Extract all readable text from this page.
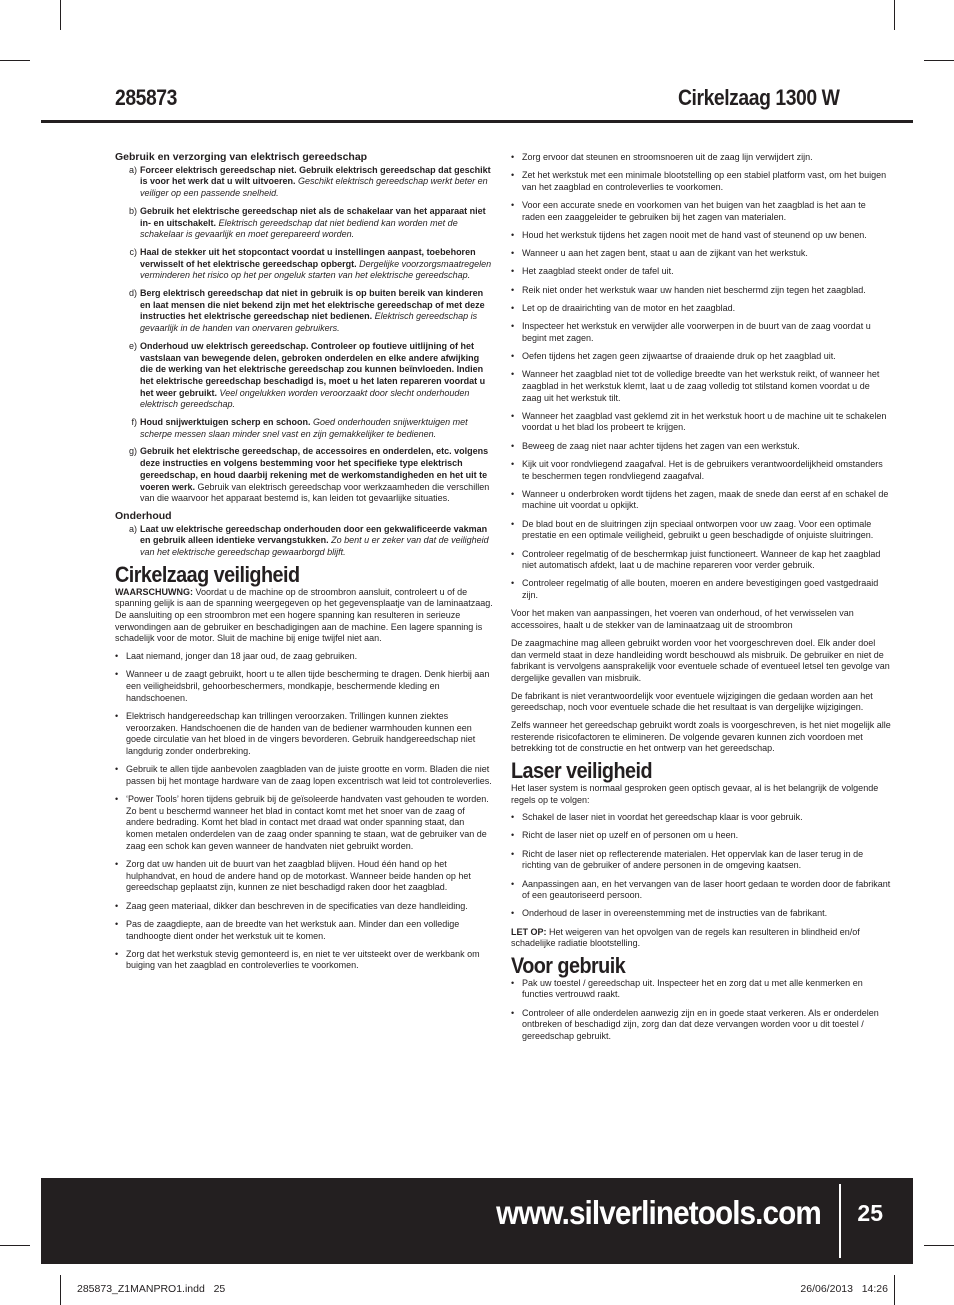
285873	Cirkelzaag 1300 W
Gebruik en verzorging van elektrisch gereedschap
a) Forceer elektrisch gereedschap niet. Gebruik elektrisch gereedschap dat geschikt is voor het werk dat u wilt uitvoeren. Geschikt elektrisch gereedschap werkt beter en veiliger op een passende snelheid.
b) Gebruik het elektrische gereedschap niet als de schakelaar van het apparaat niet in- en uitschakelt. Elektrisch gereedschap dat niet bediend kan worden met de schakelaar is gevaarlijk en moet gerepareerd worden.
c) Haal de stekker uit het stopcontact voordat u instellingen aanpast, toebehoren verwisselt of het elektrische gereedschap opbergt. Dergelijke voorzorgsmaatregelen verminderen het risico op het per ongeluk starten van het elektrische gereedschap.
d) Berg elektrisch gereedschap dat niet in gebruik is op buiten bereik van kinderen en laat mensen die niet bekend zijn met het elektrische gereedschap of met deze instructies het elektrische gereedschap niet bedienen. Elektrisch gereedschap is gevaarlijk in de handen van onervaren gebruikers.
e) Onderhoud uw elektrisch gereedschap. Controleer op foutieve uitlijning of het vastslaan van bewegende delen, gebroken onderdelen en elke andere afwijking die de werking van het elektrische gereedschap zou kunnen beïnvloeden. Indien het elektrische gereedschap beschadigd is, moet u het laten repareren voordat u het weer gebruikt. Veel ongelukken worden veroorzaakt door slecht onderhouden elektrisch gereedschap.
f) Houd snijwerktuigen scherp en schoon. Goed onderhouden snijwerktuigen met scherpe messen slaan minder snel vast en zijn gemakkelijker te bedienen.
g) Gebruik het elektrische gereedschap, de accessoires en onderdelen, etc. volgens deze instructies en volgens bestemming voor het specifieke type elektrisch gereedschap, en houd daarbij rekening met de werkomstandigheden en het uit te voeren werk. Gebruik van elektrisch gereedschap voor werkzaamheden die verschillen van die waarvoor het apparaat bestemd is, kan leiden tot gevaarlijke situaties.
Onderhoud
a) Laat uw elektrische gereedschap onderhouden door een gekwalificeerde vakman en gebruik alleen identieke vervangstukken. Zo bent u er zeker van dat de veiligheid van het elektrische gereedschap gewaarborgd blijft.
Cirkelzaag veiligheid

WAARSCHUWNG: Voordat u de machine op de stroombron aansluit, controleert u of de spanning gelijk is aan de spanning weergegeven op het gegevensplaatje van de laminaatzaag. De aansluiting op een stroombron met een hogere spanning kan resulteren in serieuze verwondingen aan de gebruiker en beschadigingen aan de machine. Een lagere spanning is schadelijk voor de motor. Sluit de machine bij enige twijfel niet aan.

• Laat niemand, jonger dan 18 jaar oud, de zaag gebruiken.
• Wanneer u de zaagt gebruikt, hoort u te allen tijde bescherming te dragen. Denk hierbij aan een veiligheidsbril, gehoorbeschermers, mondkapje, beschermende kleding en handschoenen.
• Elektrisch handgereedschap kan trillingen veroorzaken. Trillingen kunnen ziektes veroorzaken. Handschoenen die de handen van de bediener warmhouden kunnen een goede circulatie van het bloed in de vingers bevorderen. Gebruik handgereedschap niet langdurig zonder onderbreking.
• Gebruik te allen tijde aanbevolen zaagbladen van de juiste grootte en vorm. Bladen die niet passen bij het montage hardware van de zaag lopen excentrisch wat leid tot controleverlies.
• ‘Power Tools’ horen tijdens gebruik bij de geïsoleerde handvaten vast gehouden te worden. Zo bent u beschermd wanneer het blad in contact komt met het snoer van de zaag of andere bedrading. Komt het blad in contact met draad wat onder spanning staat, dan komen metalen onderdelen van de zaag onder spanning te staan, wat de gebruiker van de zaag een schok kan geven wanneer de handvaten niet gebruikt worden.
• Zorg dat uw handen uit de buurt van het zaagblad blijven. Houd één hand op het hulphandvat, en houd de andere hand op de motorkast. Wanneer beide handen op het gereedschap geplaatst zijn, kunnen ze niet beschadigd raken door het zaagblad.
• Zaag geen materiaal, dikker dan beschreven in de specificaties van deze handleiding.
• Pas de zaagdiepte, aan de breedte van het werkstuk aan. Minder dan een volledige tandhoogte dient onder het werkstuk uit te komen.
• Zorg dat het werkstuk stevig gemonteerd is, en niet te ver uitsteekt over de werkbank om buiging van het zaagblad en controleverlies te voorkomen.
• Zorg ervoor dat steunen en stroomsnoeren uit de zaag lijn verwijdert zijn.
• Zet het werkstuk met een minimale blootstelling op een stabiel platform vast, om het buigen van het zaagblad en controleverlies te voorkomen.
• Voor een accurate snede en voorkomen van het buigen van het zaagblad is het aan te raden een zaaggeleider te gebruiken bij het zagen van materialen.
• Houd het werkstuk tijdens het zagen nooit met de hand vast of steunend op uw benen.
• Wanneer u aan het zagen bent, staat u aan de zijkant van het werkstuk.
• Het zaagblad steekt onder de tafel uit.
• Reik niet onder het werkstuk waar uw handen niet beschermd zijn tegen het zaagblad.
• Let op de draairichting van de motor en het zaagblad.
• Inspecteer het werkstuk en verwijder alle voorwerpen in de buurt van de zaag voordat u begint met zagen.
• Oefen tijdens het zagen geen zijwaartse of draaiende druk op het zaagblad uit.
• Wanneer het zaagblad niet tot de volledige breedte van het werkstuk reikt, of wanneer het zaagblad in het werkstuk klemt, laat u de zaag volledig tot stilstand komen voordat u de zaag uit het werkstuk tilt.
• Wanneer het zaagblad vast geklemd zit in het werkstuk hoort u de machine uit te schakelen voordat u het blad los probeert te krijgen.
• Beweeg de zaag niet naar achter tijdens het zagen van een werkstuk.
• Kijk uit voor rondvliegend zaagafval. Het is de gebruikers verantwoordelijkheid omstanders te beschermen tegen rondvliegend zaagafval.
• Wanneer u onderbroken wordt tijdens het zagen, maak de snede dan eerst af en schakel de machine uit voordat u opkijkt.
• De blad bout en de sluitringen zijn speciaal ontworpen voor uw zaag. Voor een optimale prestatie en een optimale veiligheid, gebruikt u geen beschadigde of onjuiste sluitringen.
• Controleer regelmatig of de beschermkap juist functioneert. Wanneer de kap het zaagblad niet automatisch afdekt, laat u de machine repareren voor verder gebruik.
• Controleer regelmatig of alle bouten, moeren en andere bevestigingen goed vastgedraaid zijn.

Voor het maken van aanpassingen, het voeren van onderhoud, of het verwisselen van accessoires, haalt u de stekker van de laminaatzaag uit de stroombron

De zaagmachine mag alleen gebruikt worden voor het voorgeschreven doel. Elk ander doel dan vermeld staat in deze handleiding wordt beschouwd als misbruik. De gebruiker en niet de fabrikant is vervolgens aansprakelijk voor eventuele schade of eventueel letsel ten gevolge van dergelijke gevallen van misbruik.

De fabrikant is niet verantwoordelijk voor eventuele wijzigingen die gedaan worden aan het gereedschap, noch voor eventuele schade die het resultaat is van dergelijke wijzigingen.

Zelfs wanneer het gereedschap gebruikt wordt zoals is voorgeschreven, is het niet mogelijk alle resterende risicofactoren te elimineren. De volgende gevaren kunnen zich voordoen met betrekking tot de constructie en het ontwerp van het gereedschap.

Laser veiligheid

Het laser system is normaal gesproken geen optisch gevaar, al is het belangrijk de volgende regels op te volgen:

• Schakel de laser niet in voordat het gereedschap klaar is voor gebruik.
• Richt de laser niet op uzelf en of personen om u heen.
• Richt de laser niet op reflecterende materialen. Het oppervlak kan de laser terug in de richting van de gebruiker of andere personen in de omgeving kaatsen.
• Aanpassingen aan, en het vervangen van de laser hoort gedaan te worden door de fabrikant of een geautoriseerd persoon.
• Onderhoud de laser in overeenstemming met de instructies van de fabrikant.

LET OP: Het weigeren van het opvolgen van de regels kan resulteren in blindheid en/of schadelijke radiatie blootstelling.

Voor gebruik
• Pak uw toestel / gereedschap uit. Inspecteer het en zorg dat u met alle kenmerken en functies vertrouwd raakt.
• Controleer of alle onderdelen aanwezig zijn en in goede staat verkeren. Als er onderdelen ontbreken of beschadigd zijn, zorg dan dat deze vervangen worden voor u dit toestel / gereedschap gebruikt.
www.silverlinetools.com 25
285873_Z1MANPRO1.indd   25	26/06/2013   14:26
